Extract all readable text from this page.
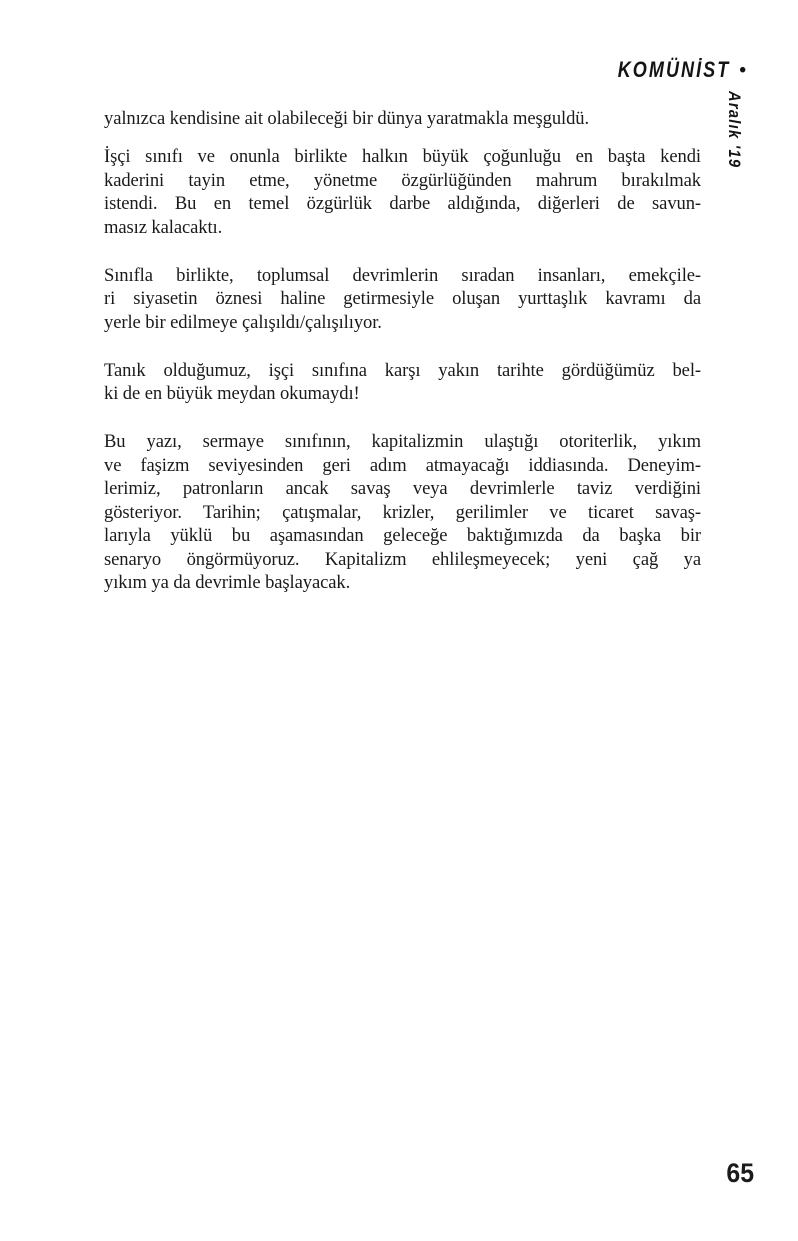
KOMÜNİST •
Aralık '19
yalnızca kendisine ait olabileceği bir dünya yaratmakla meşguldü.
İşçi sınıfı ve onunla birlikte halkın büyük çoğunluğu en başta kendi
kaderini tayin etme, yönetme özgürlüğünden mahrum bırakılmak
istendi. Bu en temel özgürlük darbe aldığında, diğerleri de savun-
masız kalacaktı.
Sınıfla birlikte, toplumsal devrimlerin sıradan insanları, emekçile-
ri siyasetin öznesi haline getirmesiyle oluşan yurttaşlık kavramı da
yerle bir edilmeye çalışıldı/çalışılıyor.
Tanık olduğumuz, işçi sınıfına karşı yakın tarihte gördüğümüz bel-
ki de en büyük meydan okumaydı!
Bu yazı, sermaye sınıfının, kapitalizmin ulaştığı otoriterlik, yıkım
ve faşizm seviyesinden geri adım atmayacağı iddiasında. Deneyim-
lerimiz, patronların ancak savaş veya devrimlerle taviz verdiğini
gösteriyor. Tarihin; çatışmalar, krizler, gerilimler ve ticaret savaş-
larıyla yüklü bu aşamasından geleceğe baktığımızda da başka bir
senaryo öngörmüyoruz. Kapitalizm ehlileşmeyecek; yeni çağ ya
yıkım ya da devrimle başlayacak.
65
